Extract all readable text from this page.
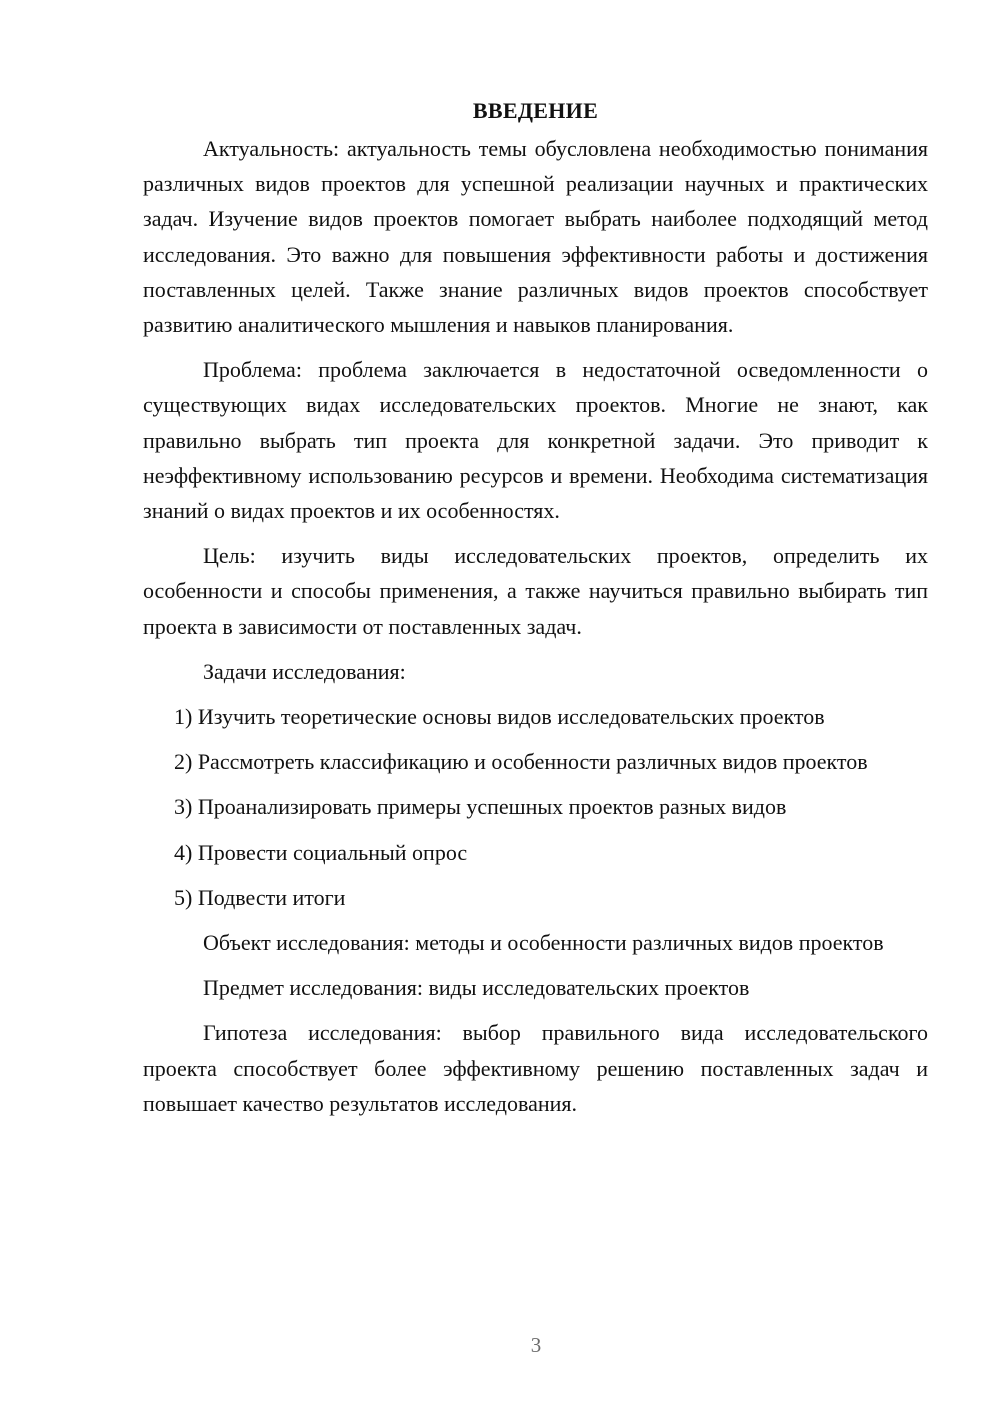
ВВЕДЕНИЕ

Актуальность: актуальность темы обусловлена необходимостью понимания различных видов проектов для успешной реализации научных и практических задач. Изучение видов проектов помогает выбрать наиболее подходящий метод исследования. Это важно для повышения эффективности работы и достижения поставленных целей. Также знание различных видов проектов способствует развитию аналитического мышления и навыков планирования.

Проблема: проблема заключается в недостаточной осведомленности о существующих видах исследовательских проектов. Многие не знают, как правильно выбрать тип проекта для конкретной задачи. Это приводит к неэффективному использованию ресурсов и времени. Необходима систематизация знаний о видах проектов и их особенностях.

Цель: изучить виды исследовательских проектов, определить их особенности и способы применения, а также научиться правильно выбирать тип проекта в зависимости от поставленных задач.

Задачи исследования:

1) Изучить теоретические основы видов исследовательских проектов

2) Рассмотреть классификацию и особенности различных видов проектов

3) Проанализировать примеры успешных проектов разных видов

4) Провести социальный опрос

5) Подвести итоги

Объект исследования: методы и особенности различных видов проектов

Предмет исследования: виды исследовательских проектов

Гипотеза исследования: выбор правильного вида исследовательского проекта способствует более эффективному решению поставленных задач и повышает качество результатов исследования.

3
